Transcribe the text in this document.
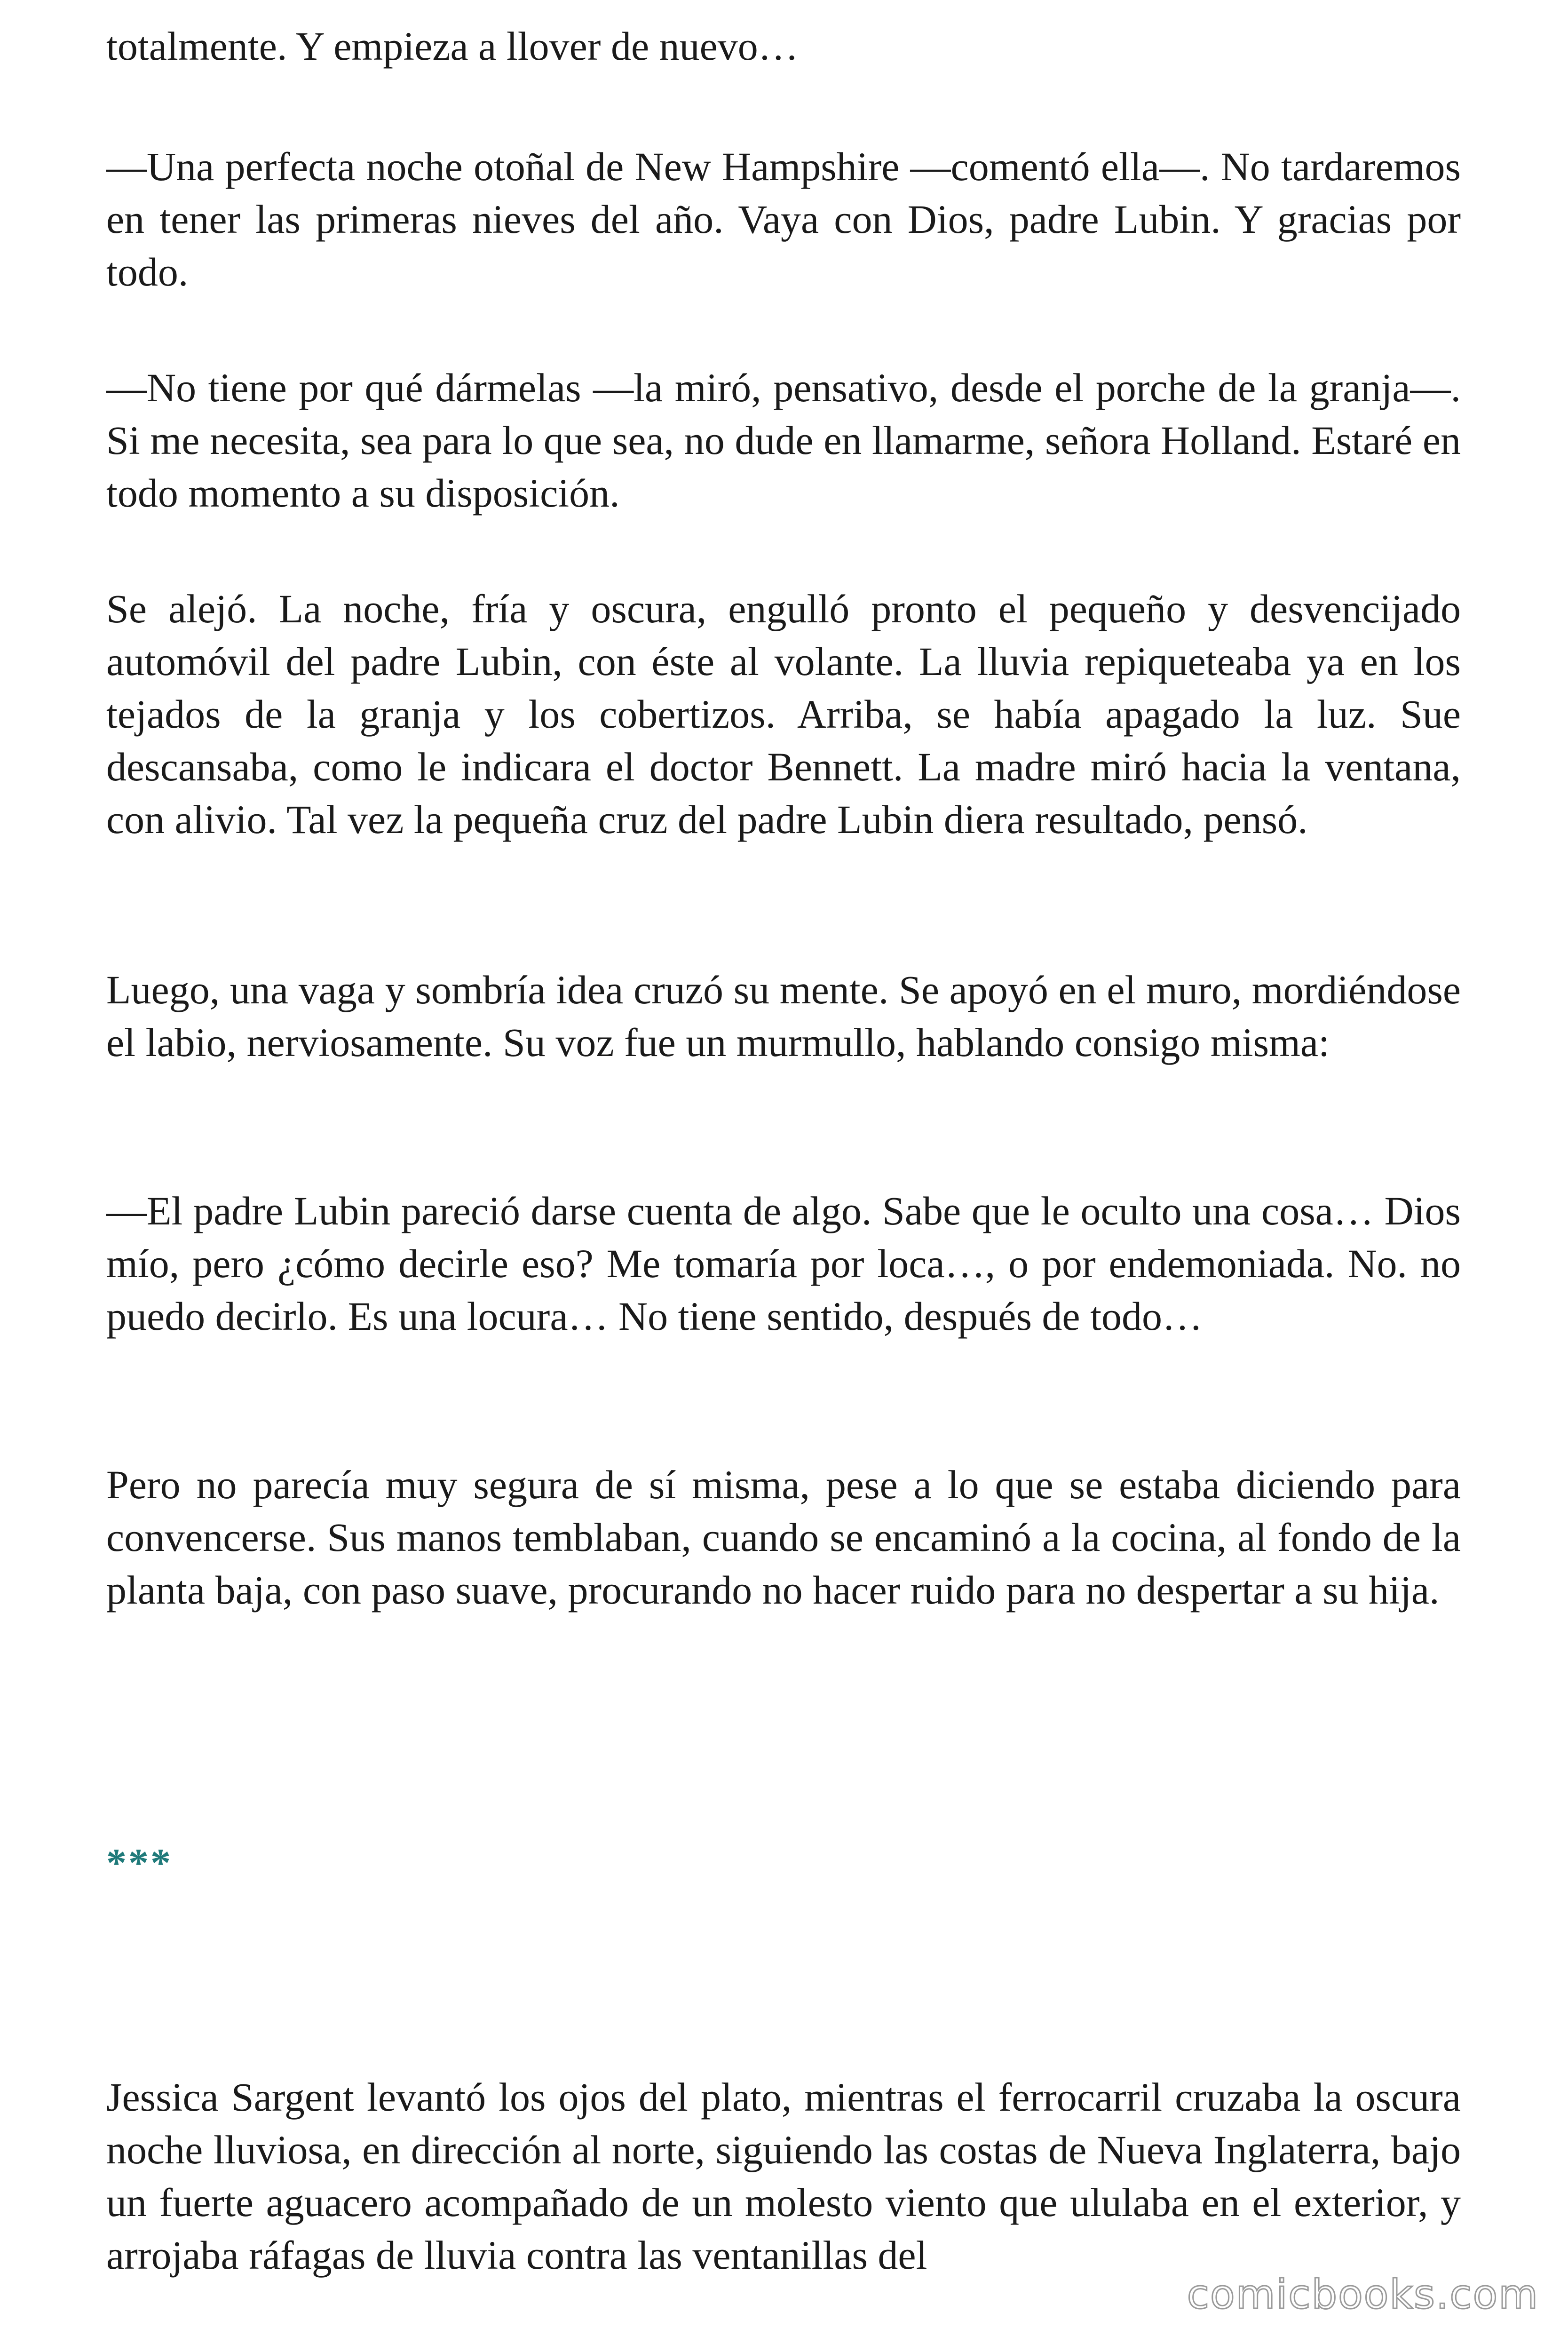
totalmente. Y empieza a llover de nuevo…

—Una perfecta noche otoñal de New Hampshire —comentó ella—. No tardaremos en tener las primeras nieves del año. Vaya con Dios, padre Lubin. Y gracias por todo.

—No tiene por qué dármelas —la miró, pensativo, desde el porche de la granja—. Si me necesita, sea para lo que sea, no dude en llamarme, señora Holland. Estaré en todo momento a su disposición.

Se alejó. La noche, fría y oscura, engulló pronto el pequeño y desvencijado automóvil del padre Lubin, con éste al volante. La lluvia repiqueteaba ya en los tejados de la granja y los cobertizos. Arriba, se había apagado la luz. Sue descansaba, como le indicara el doctor Bennett. La madre miró hacia la ventana, con alivio. Tal vez la pequeña cruz del padre Lubin diera resultado, pensó.

Luego, una vaga y sombría idea cruzó su mente. Se apoyó en el muro, mordiéndose el labio, nerviosamente. Su voz fue un murmullo, hablando consigo misma:

—El padre Lubin pareció darse cuenta de algo. Sabe que le oculto una cosa… Dios mío, pero ¿cómo decirle eso? Me tomaría por loca…, o por endemoniada. No. no puedo decirlo. Es una locura… No tiene sentido, después de todo…

Pero no parecía muy segura de sí misma, pese a lo que se estaba diciendo para convencerse. Sus manos temblaban, cuando se encaminó a la cocina, al fondo de la planta baja, con paso suave, procurando no hacer ruido para no despertar a su hija.

***

Jessica Sargent levantó los ojos del plato, mientras el ferrocarril cruzaba la oscura noche lluviosa, en dirección al norte, siguiendo las costas de Nueva Inglaterra, bajo un fuerte aguacero acompañado de un molesto viento que ululaba en el exterior, y arrojaba ráfagas de lluvia contra las ventanillas del

comicbooks.com
